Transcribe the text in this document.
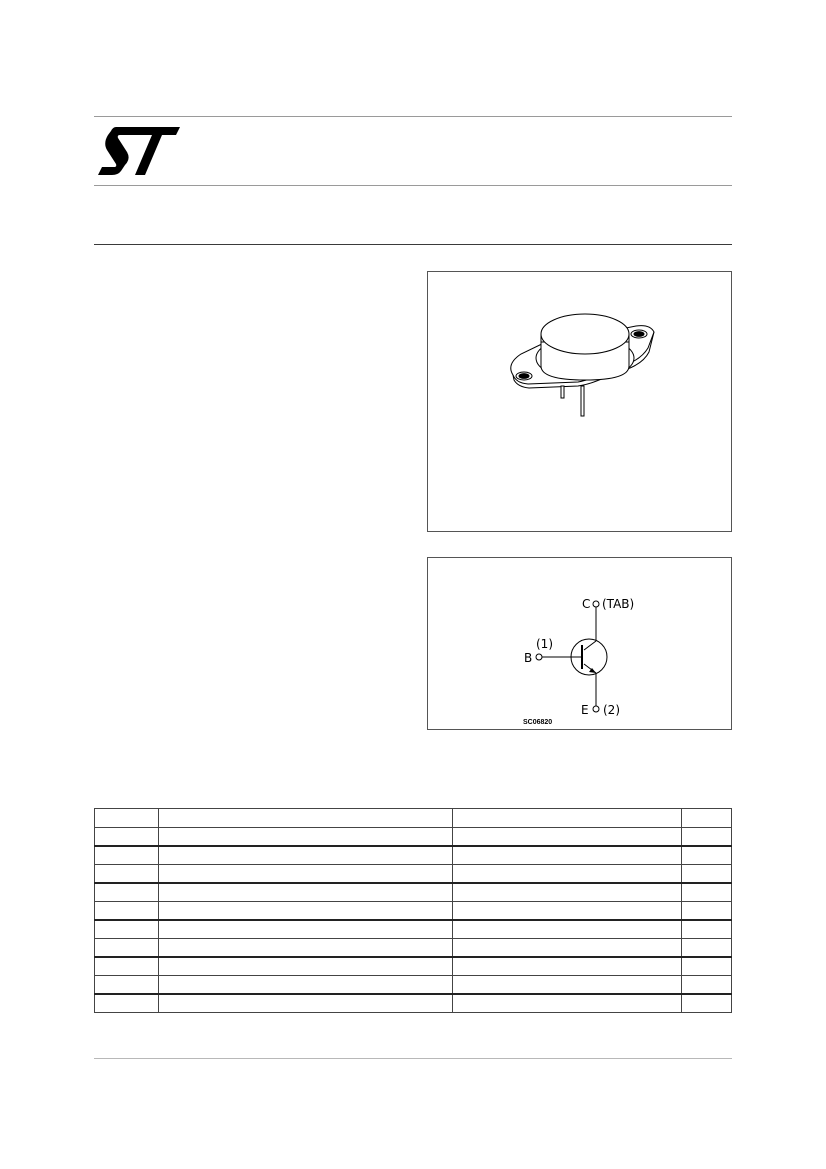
C (TAB)
(1)
B
E (2)
SC06820
